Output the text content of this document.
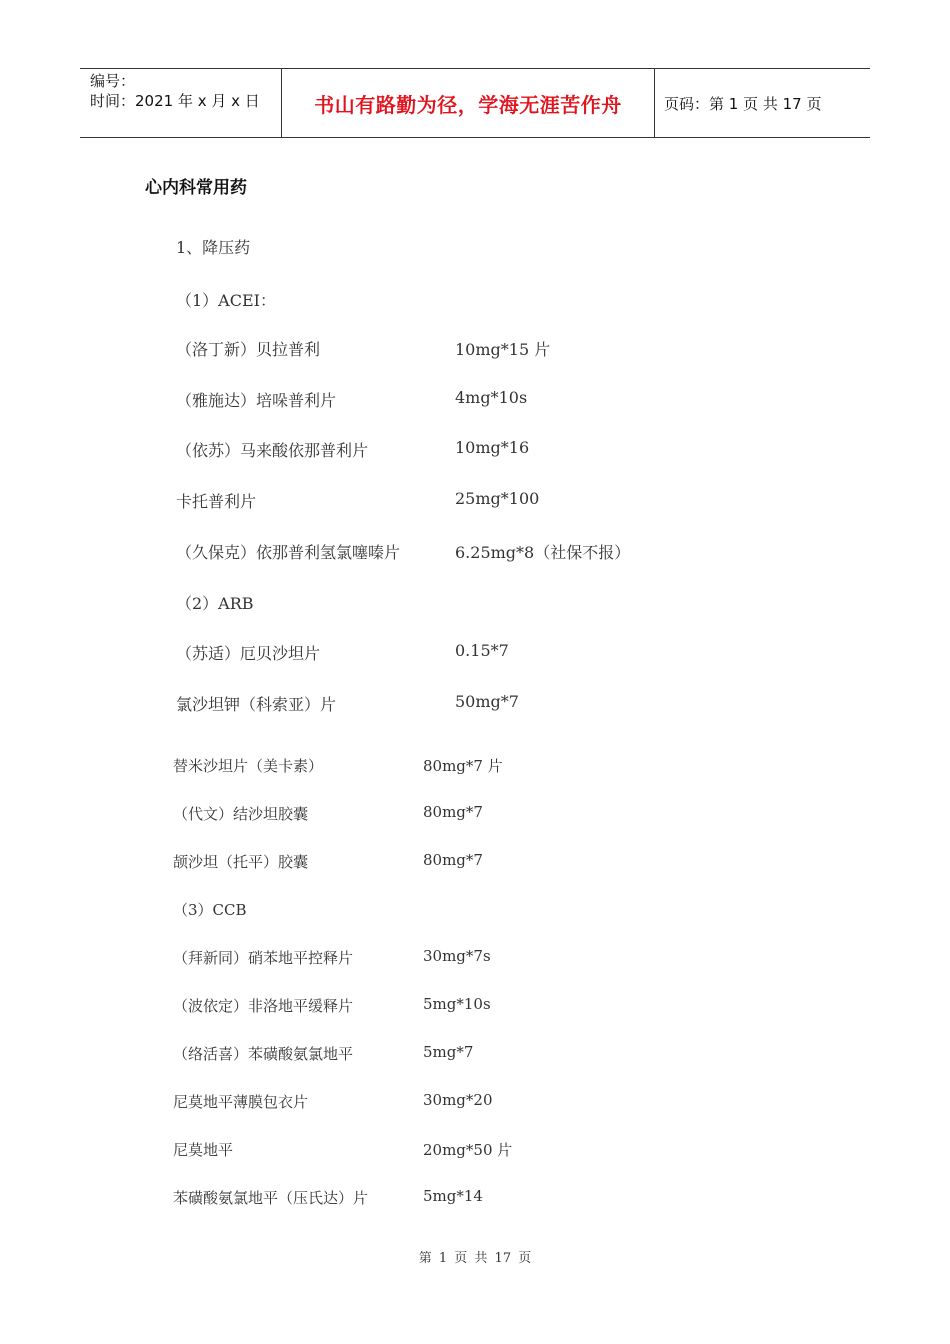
编号：
时间：2021 年 x 月 x 日	书山有路勤为径，学海无涯苦作舟	页码：第 1 页 共 17 页
心内科常用药
1、降压药
（1）ACEI：
（洛丁新）贝拉普利	10mg*15 片
（雅施达）培哚普利片	4mg*10s
（依苏）马来酸依那普利片	10mg*16
卡托普利片	25mg*100
（久保克）依那普利氢氯噻嗪片	6.25mg*8（社保不报）
（2）ARB
（苏适）厄贝沙坦片	0.15*7
氯沙坦钾（科索亚）片	50mg*7
替米沙坦片（美卡素）	80mg*7 片
（代文）结沙坦胶囊	80mg*7
颉沙坦（托平）胶囊	80mg*7
（3）CCB
（拜新同）硝苯地平控释片	30mg*7s
（波依定）非洛地平缓释片	5mg*10s
（络活喜）苯磺酸氨氯地平	5mg*7
尼莫地平薄膜包衣片	30mg*20
尼莫地平	20mg*50 片
苯磺酸氨氯地平（压氏达）片	5mg*14
第 1 页 共 17 页
